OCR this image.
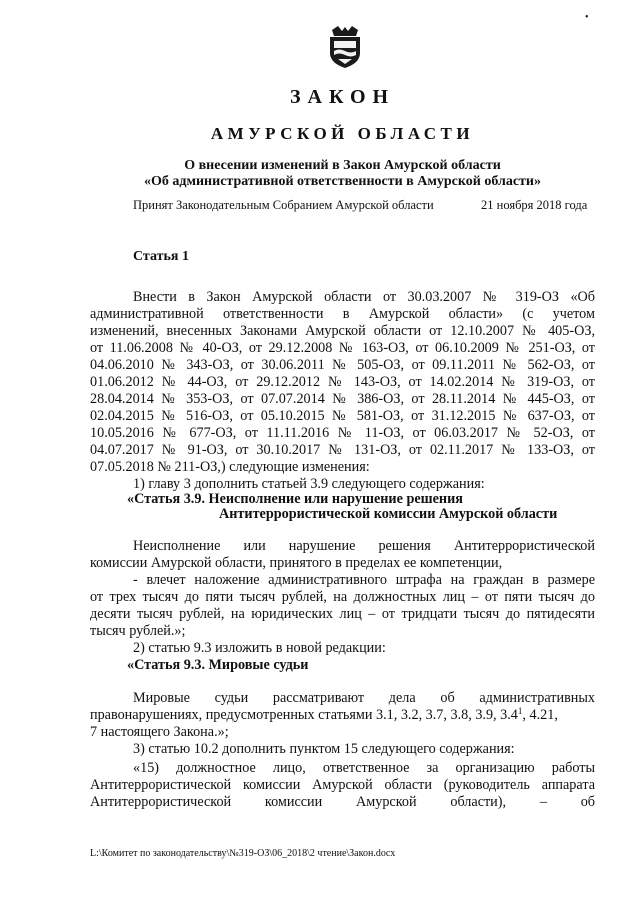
•
ЗАКОН
АМУРСКОЙ ОБЛАСТИ
О внесении изменений в Закон Амурской области
«Об административной ответственности в Амурской области»
Принят Законодательным Собранием Амурской области	21 ноября 2018 года
Статья 1
Внести в Закон Амурской области от 30.03.2007 № 319-ОЗ «Об
административной ответственности в Амурской области» (с учетом
изменений, внесенных Законами Амурской области от 12.10.2007 № 405-ОЗ,
от 11.06.2008 № 40-ОЗ, от 29.12.2008 № 163-ОЗ, от 06.10.2009 № 251-ОЗ, от
04.06.2010 № 343-ОЗ, от 30.06.2011 № 505-ОЗ, от 09.11.2011 № 562-ОЗ, от
01.06.2012 № 44-ОЗ, от 29.12.2012 № 143-ОЗ, от 14.02.2014 № 319-ОЗ, от
28.04.2014 № 353-ОЗ, от 07.07.2014 № 386-ОЗ, от 28.11.2014 № 445-ОЗ, от
02.04.2015 № 516-ОЗ, от 05.10.2015 № 581-ОЗ, от 31.12.2015 № 637-ОЗ, от
10.05.2016 № 677-ОЗ, от 11.11.2016 № 11-ОЗ, от 06.03.2017 № 52-ОЗ, от
04.07.2017 № 91-ОЗ, от 30.10.2017 № 131-ОЗ, от 02.11.2017 № 133-ОЗ, от
07.05.2018 № 211-ОЗ,) следующие изменения:
1) главу 3 дополнить статьей 3.9 следующего содержания:
«Статья 3.9. Неисполнение или нарушение решения
Антитеррористической комиссии Амурской области
Неисполнение или нарушение решения Антитеррористической
комиссии Амурской области, принятого в пределах ее компетенции,
- влечет наложение административного штрафа на граждан в размере
от трех тысяч до пяти тысяч рублей, на должностных лиц – от пяти тысяч до
десяти тысяч рублей, на юридических лиц – от тридцати тысяч до пятидесяти
тысяч рублей.»;
2) статью 9.3 изложить в новой редакции:
«Статья 9.3. Мировые судьи
Мировые судьи рассматривают дела об административных
правонарушениях, предусмотренных статьями 3.1, 3.2, 3.7, 3.8, 3.9, $3.4^1$, 4.21,
7 настоящего Закона.»;
3) статью 10.2 дополнить пунктом 15 следующего содержания:
«15) должностное лицо, ответственное за организацию работы
Антитеррористической комиссии Амурской области (руководитель аппарата
Антитеррористической комиссии Амурской области), – об
L:\Комитет по законодательству\№319-ОЗ\06_2018\2 чтение\Закон.docx
